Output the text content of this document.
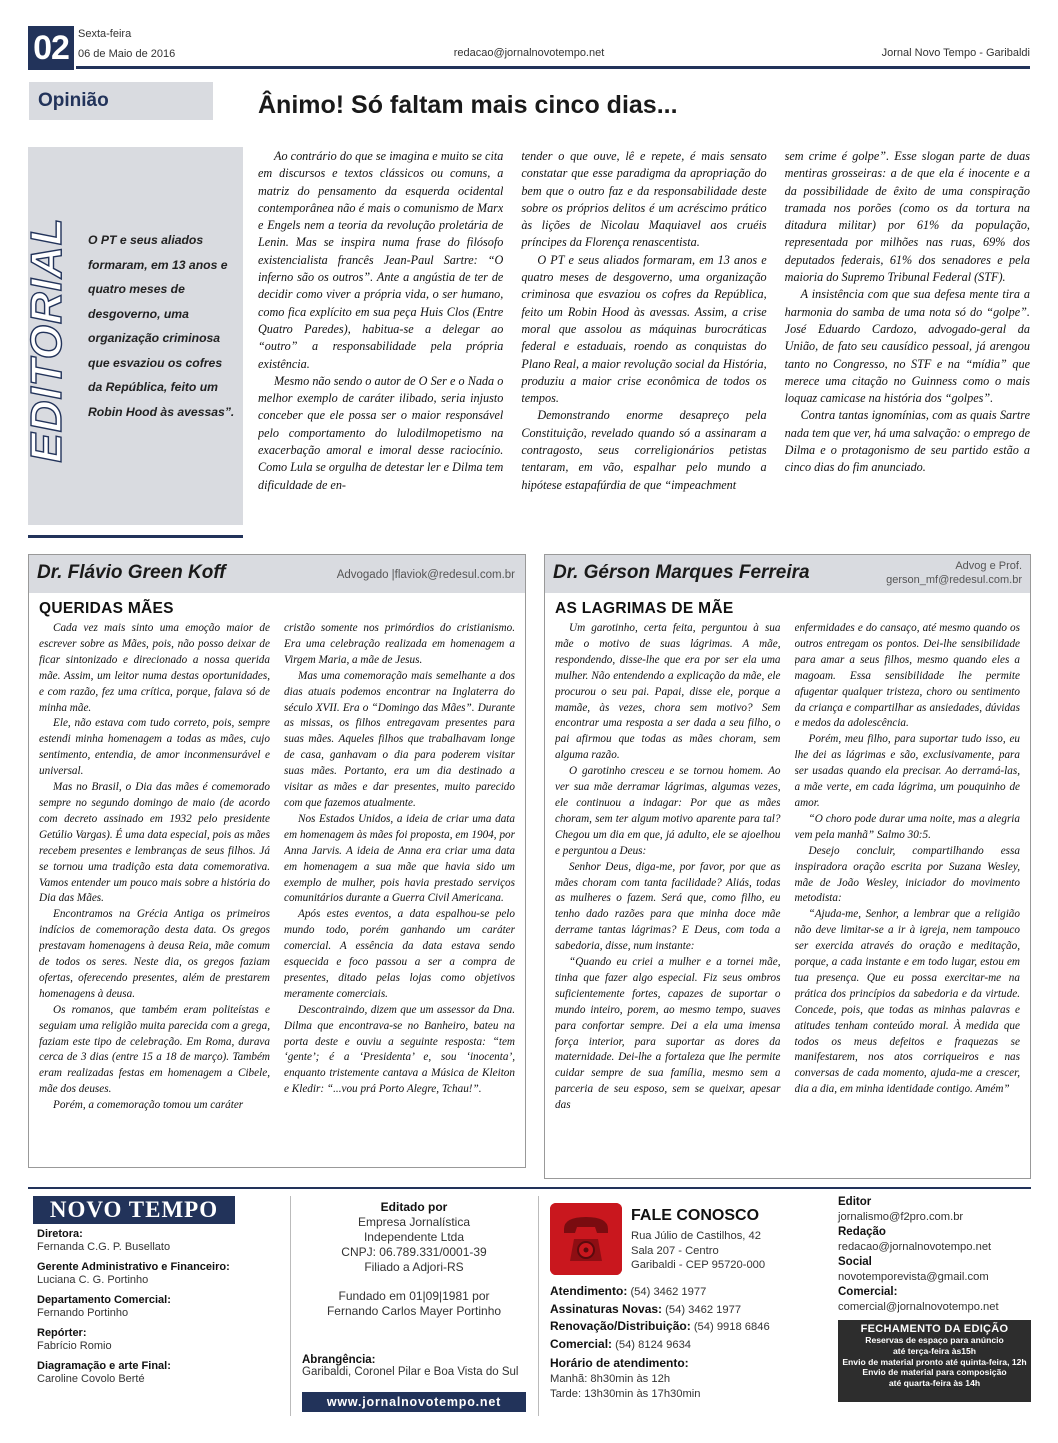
02 Sexta-feira
06 de Maio de 2016	redacao@jornalnovotempo.net	Jornal Novo Tempo - Garibaldi
Opinião	Ânimo! Só faltam mais cinco dias...
EDITORIAL O PT e seus aliados formaram, em 13 anos e quatro meses de desgoverno, uma organização criminosa que esvaziou os cofres da República, feito um Robin Hood às avessas”.

Ao contrário do que se imagina e muito se cita em discursos e textos clássicos ou comuns, a matriz do pensamento da esquerda ocidental contemporânea não é mais o comunismo de Marx e Engels nem a teoria da revolução proletária de Lenin. Mas se inspira numa frase do filósofo existencialista francês Jean-Paul Sartre: “O inferno são os outros”. Ante a angústia de ter de decidir como viver a própria vida, o ser humano, como fica explícito em sua peça Huis Clos (Entre Quatro Paredes), habitua-se a delegar ao “outro” a responsabilidade pela própria existência.

Mesmo não sendo o autor de O Ser e o Nada o melhor exemplo de caráter ilibado, seria injusto conceber que ele possa ser o maior responsável pelo comportamento do lulodilmopetismo na exacerbação amoral e imoral desse raciocínio. Como Lula se orgulha de detestar ler e Dilma tem dificuldade de en-

tender o que ouve, lê e repete, é mais sensato constatar que esse paradigma da apropriação do bem que o outro faz e da responsabilidade deste sobre os próprios delitos é um acréscimo prático às lições de Nicolau Maquiavel aos cruéis príncipes da Florença renascentista.

O PT e seus aliados formaram, em 13 anos e quatro meses de desgoverno, uma organização criminosa que esvaziou os cofres da República, feito um Robin Hood às avessas. Assim, a crise moral que assolou as máquinas burocráticas federal e estaduais, roendo as conquistas do Plano Real, a maior revolução social da História, produziu a maior crise econômica de todos os tempos.

Demonstrando enorme desapreço pela Constituição, revelado quando só a assinaram a contragosto, seus correligionários petistas tentaram, em vão, espalhar pelo mundo a hipótese estapafúrdia de que “impeachment

sem crime é golpe”. Esse slogan parte de duas mentiras grosseiras: a de que ela é inocente e a da possibilidade de êxito de uma conspiração tramada nos porões (como os da tortura na ditadura militar) por 61% da população, representada por milhões nas ruas, 69% dos deputados federais, 61% dos senadores e pela maioria do Supremo Tribunal Federal (STF).

A insistência com que sua defesa mente tira a harmonia do samba de uma nota só do “golpe”. José Eduardo Cardozo, advogado-geral da União, de fato seu causídico pessoal, já arengou tanto no Congresso, no STF e na “mídia” que merece uma citação no Guinness como o mais loquaz camicase na história dos “golpes”.

Contra tantas ignomínias, com as quais Sartre nada tem que ver, há uma salvação: o emprego de Dilma e o protagonismo de seu partido estão a cinco dias do fim anunciado.

Dr. Flávio Green Koff	Advogado |flaviok@redesul.com.br
QUERIDAS MÃES

Cada vez mais sinto uma emoção maior de escrever sobre as Mães, pois, não posso deixar de ficar sintonizado e direcionado a nossa querida mãe. Assim, um leitor numa destas oportunidades, e com razão, fez uma crítica, porque, falava só de minha mãe.

Ele, não estava com tudo correto, pois, sempre estendi minha homenagem a todas as mães, cujo sentimento, entendia, de amor inconmensurável e universal.

Mas no Brasil, o Dia das mães é comemorado sempre no segundo domingo de maio (de acordo com decreto assinado em 1932 pelo presidente Getúlio Vargas). É uma data especial, pois as mães recebem presentes e lembranças de seus filhos. Já se tornou uma tradição esta data comemorativa. Vamos entender um pouco mais sobre a história do Dia das Mães.

Encontramos na Grécia Antiga os primeiros indícios de comemoração desta data. Os gregos prestavam homenagens à deusa Reia, mãe comum de todos os seres. Neste dia, os gregos faziam ofertas, oferecendo presentes, além de prestarem homenagens à deusa.

Os romanos, que também eram politeístas e seguiam uma religião muita parecida com a grega, faziam este tipo de celebração. Em Roma, durava cerca de 3 dias (entre 15 a 18 de março). Também eram realizadas festas em homenagem a Cibele, mãe dos deuses.

Porém, a comemoração tomou um caráter

cristão somente nos primórdios do cristianismo. Era uma celebração realizada em homenagem a Virgem Maria, a mãe de Jesus.

Mas uma comemoração mais semelhante a dos dias atuais podemos encontrar na Inglaterra do século XVII. Era o “Domingo das Mães”. Durante as missas, os filhos entregavam presentes para suas mães. Aqueles filhos que trabalhavam longe de casa, ganhavam o dia para poderem visitar suas mães. Portanto, era um dia destinado a visitar as mães e dar presentes, muito parecido com que fazemos atualmente.

Nos Estados Unidos, a ideia de criar uma data em homenagem às mães foi proposta, em 1904, por Anna Jarvis. A ideia de Anna era criar uma data em homenagem a sua mãe que havia sido um exemplo de mulher, pois havia prestado serviços comunitários durante a Guerra Civil Americana.

Após estes eventos, a data espalhou-se pelo mundo todo, porém ganhando um caráter comercial. A essência da data estava sendo esquecida e foco passou a ser a compra de presentes, ditado pelas lojas como objetivos meramente comerciais.

Descontraindo, dizem que um assessor da Dna. Dilma que encontrava-se no Banheiro, bateu na porta deste e ouviu a seguinte resposta: “tem ‘gente’; é a ‘Presidenta’ e, sou ‘inocenta’, enquanto tristemente cantava a Música de Kleiton e Kledir: “...vou prá Porto Alegre, Tchau!”.

Dr. Gérson Marques Ferreira	Advog e Prof.
gerson_mf@redesul.com.br
AS LAGRIMAS DE MÃE

Um garotinho, certa feita, perguntou à sua mãe o motivo de suas lágrimas. A mãe, respondendo, disse-lhe que era por ser ela uma mulher. Não entendendo a explicação da mãe, ele procurou o seu pai. Papai, disse ele, porque a mamãe, às vezes, chora sem motivo? Sem encontrar uma resposta a ser dada a seu filho, o pai afirmou que todas as mães choram, sem alguma razão.

O garotinho cresceu e se tornou homem. Ao ver sua mãe derramar lágrimas, algumas vezes, ele continuou a indagar: Por que as mães choram, sem ter algum motivo aparente para tal? Chegou um dia em que, já adulto, ele se ajoelhou e perguntou a Deus:

Senhor Deus, diga-me, por favor, por que as mães choram com tanta facilidade? Aliás, todas as mulheres o fazem. Será que, como filho, eu tenho dado razões para que minha doce mãe derrame tantas lágrimas? E Deus, com toda a sabedoria, disse, num instante:

“Quando eu criei a mulher e a tornei mãe, tinha que fazer algo especial. Fiz seus ombros suficientemente fortes, capazes de suportar o mundo inteiro, porem, ao mesmo tempo, suaves para confortar sempre. Dei a ela uma imensa força interior, para suportar as dores da maternidade. Dei-lhe a fortaleza que lhe permite cuidar sempre de sua família, mesmo sem a parceria de seu esposo, sem se queixar, apesar das

enfermidades e do cansaço, até mesmo quando os outros entregam os pontos. Dei-lhe sensibilidade para amar a seus filhos, mesmo quando eles a magoam. Essa sensibilidade lhe permite afugentar qualquer tristeza, choro ou sentimento da criança e compartilhar as ansiedades, dúvidas e medos da adolescência.

Porém, meu filho, para suportar tudo isso, eu lhe dei as lágrimas e são, exclusivamente, para ser usadas quando ela precisar. Ao derramá-las, a mãe verte, em cada lágrima, um pouquinho de amor.

“O choro pode durar uma noite, mas a alegria vem pela manhã” Salmo 30:5.

Desejo concluir, compartilhando essa inspiradora oração escrita por Suzana Wesley, mãe de João Wesley, iniciador do movimento metodista:

“Ajuda-me, Senhor, a lembrar que a religião não deve limitar-se a ir à igreja, nem tampouco ser exercida através do oração e meditação, porque, a cada instante e em todo lugar, estou em tua presença. Que eu possa exercitar-me na prática dos princípios da sabedoria e da virtude. Concede, pois, que todas as minhas palavras e atitudes tenham conteúdo moral. À medida que todos os meus defeitos e fraquezas se manifestarem, nos atos corriqueiros e nas conversas de cada momento, ajuda-me a crescer, dia a dia, em minha identidade contigo. Amém”

NOVO TEMPO
Diretora:
Fernanda C.G. P. Busellato
Gerente Administrativo e Financeiro:
Luciana C. G. Portinho
Departamento Comercial:
Fernando Portinho
Repórter:
Fabrício Romio
Diagramação e arte Final:
Caroline Covolo Berté
Editado por
Empresa Jornalística
Independente Ltda
CNPJ: 06.789.331/0001-39
Filiado a Adjori-RS
Fundado em 01|09|1981 por
Fernando Carlos Mayer Portinho
Abrangência:
Garibaldi, Coronel Pilar e Boa Vista do Sul
www.jornalnovotempo.net
FALE CONOSCO
Rua Júlio de Castilhos, 42
Sala 207 - Centro
Garibaldi - CEP 95720-000
Atendimento: (54) 3462 1977
Assinaturas Novas: (54) 3462 1977
Renovação/Distribuição: (54) 9918 6846
Comercial: (54) 8124 9634
Horário de atendimento:
Manhã: 8h30min às 12h
Tarde: 13h30min às 17h30min
Editor
jornalismo@f2pro.com.br
Redação
redacao@jornalnovotempo.net
Social
novotemporevista@gmail.com
Comercial:
comercial@jornalnovotempo.net
FECHAMENTO DA EDIÇÃO
Reservas de espaço para anúncio
até terça-feira às15h
Envio de material pronto até quinta-feira, 12h
Envio de material para composição
até quarta-feira às 14h
